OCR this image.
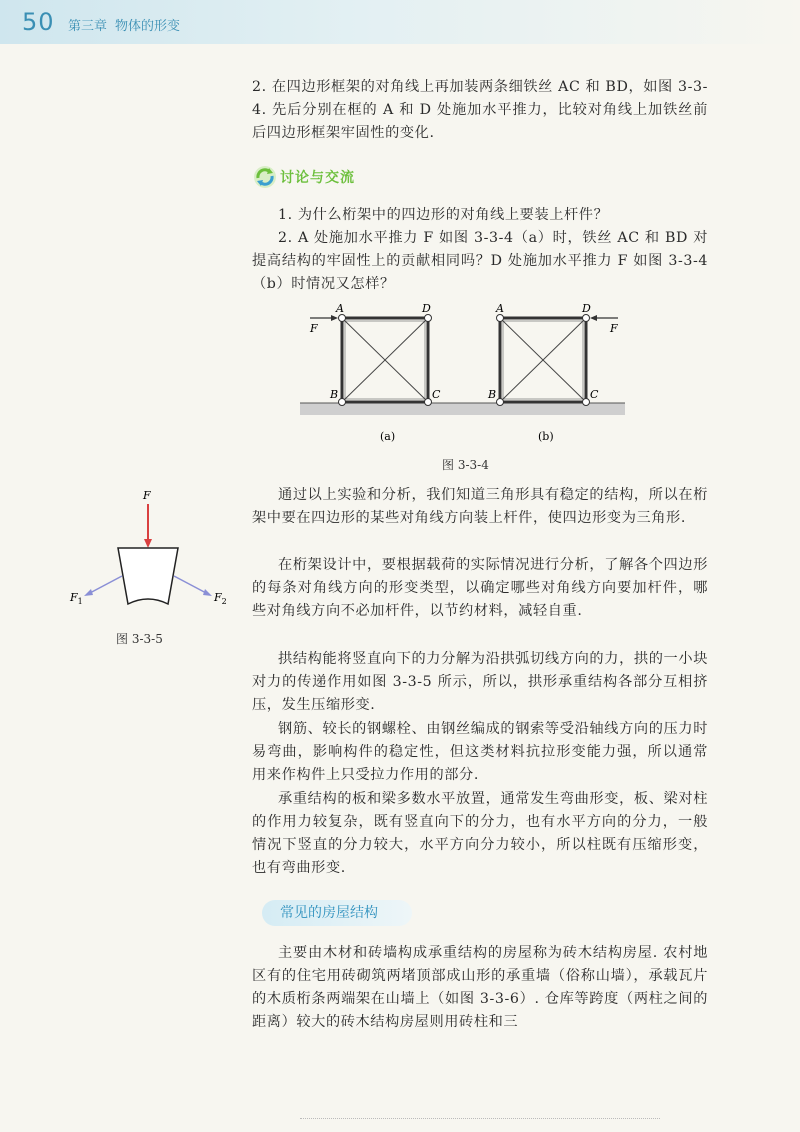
50 第三章 物体的形变

2. 在四边形框架的对角线上再加装两条细铁丝 AC 和 BD，如图 3-3-4. 先后分别在框的 A 和 D 处施加水平推力，比较对角线上加铁丝前后四边形框架牢固性的变化.

讨论与交流

1. 为什么桁架中的四边形的对角线上要装上杆件？

2. A 处施加水平推力 F 如图 3-3-4（a）时，铁丝 AC 和 BD 对提高结构的牢固性上的贡献相同吗？D 处施加水平推力 F 如图 3-3-4（b）时情况又怎样？

A	D
B	C
F
A	D
B	C
F
(a)	(b)
图 3-3-4
F
$F_1$	$F_2$
图 3-3-5

通过以上实验和分析，我们知道三角形具有稳定的结构，所以在桁架中要在四边形的某些对角线方向装上杆件，使四边形变为三角形.

在桁架设计中，要根据载荷的实际情况进行分析，了解各个四边形的每条对角线方向的形变类型，以确定哪些对角线方向要加杆件，哪些对角线方向不必加杆件，以节约材料，减轻自重.

拱结构能将竖直向下的力分解为沿拱弧切线方向的力，拱的一小块对力的传递作用如图 3-3-5 所示，所以，拱形承重结构各部分互相挤压，发生压缩形变.

钢筋、较长的钢螺栓、由钢丝编成的钢索等受沿轴线方向的压力时易弯曲，影响构件的稳定性，但这类材料抗拉形变能力强，所以通常用来作构件上只受拉力作用的部分.

承重结构的板和梁多数水平放置，通常发生弯曲形变，板、梁对柱的作用力较复杂，既有竖直向下的分力，也有水平方向的分力，一般情况下竖直的分力较大，水平方向分力较小，所以柱既有压缩形变，也有弯曲形变.

常见的房屋结构

主要由木材和砖墙构成承重结构的房屋称为砖木结构房屋. 农村地区有的住宅用砖砌筑两堵顶部成山形的承重墙（俗称山墙），承载瓦片的木质桁条两端架在山墙上（如图 3-3-6）. 仓库等跨度（两柱之间的距离）较大的砖木结构房屋则用砖柱和三
